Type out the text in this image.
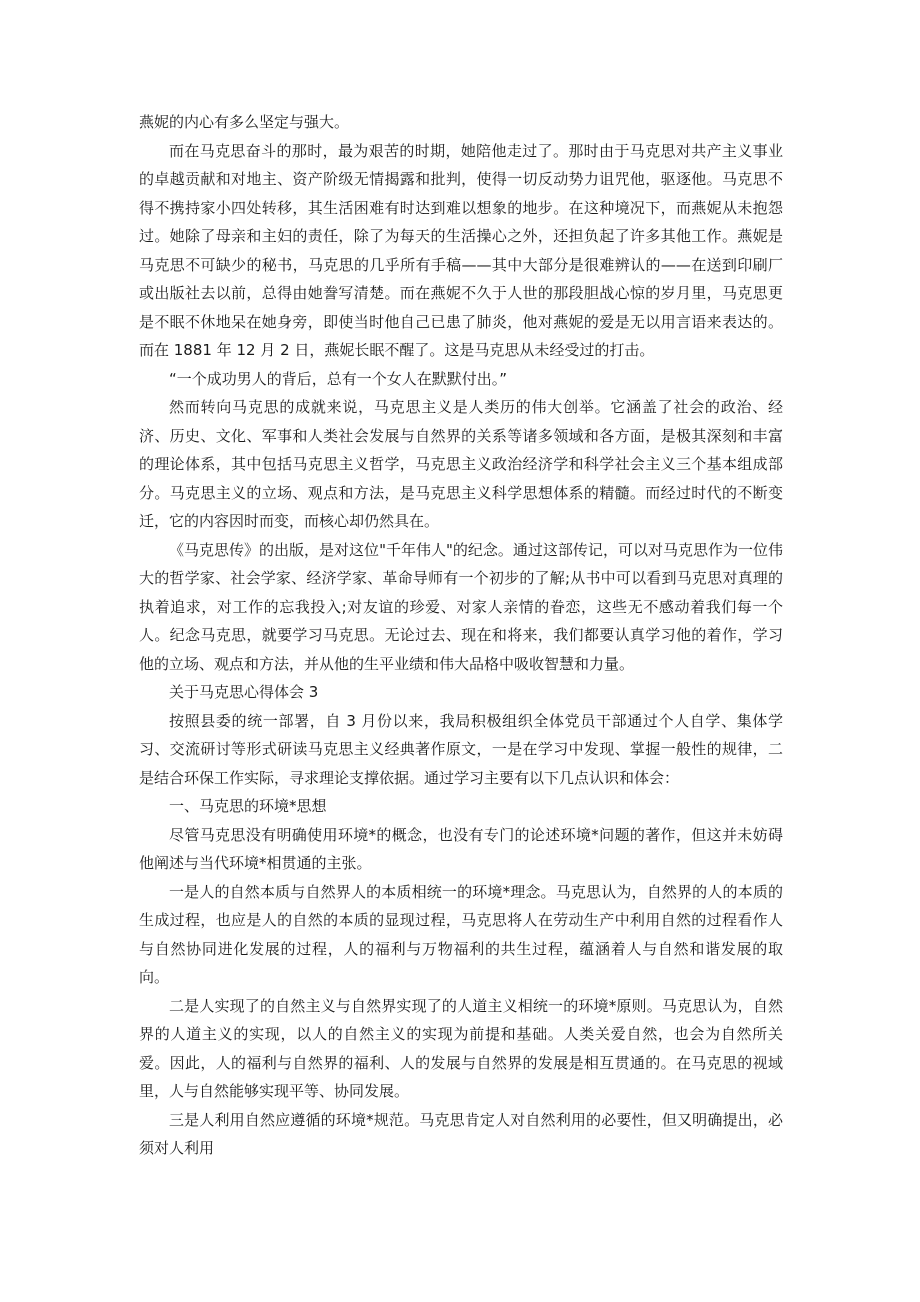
燕妮的内心有多么坚定与强大。

而在马克思奋斗的那时，最为艰苦的时期，她陪他走过了。那时由于马克思对共产主义事业的卓越贡献和对地主、资产阶级无情揭露和批判，使得一切反动势力诅咒他，驱逐他。马克思不得不携持家小四处转移，其生活困难有时达到难以想象的地步。在这种境况下，而燕妮从未抱怨过。她除了母亲和主妇的责任，除了为每天的生活操心之外，还担负起了许多其他工作。燕妮是马克思不可缺少的秘书，马克思的几乎所有手稿——其中大部分是很难辨认的——在送到印刷厂或出版社去以前，总得由她誊写清楚。而在燕妮不久于人世的那段胆战心惊的岁月里，马克思更是不眠不休地呆在她身旁，即使当时他自己已患了肺炎，他对燕妮的爱是无以用言语来表达的。而在 1881 年 12 月 2 日，燕妮长眠不醒了。这是马克思从未经受过的打击。

“一个成功男人的背后，总有一个女人在默默付出。”

然而转向马克思的成就来说，马克思主义是人类历的伟大创举。它涵盖了社会的政治、经济、历史、文化、军事和人类社会发展与自然界的关系等诸多领域和各方面，是极其深刻和丰富的理论体系，其中包括马克思主义哲学，马克思主义政治经济学和科学社会主义三个基本组成部分。马克思主义的立场、观点和方法，是马克思主义科学思想体系的精髓。而经过时代的不断变迁，它的内容因时而变，而核心却仍然具在。

《马克思传》的出版，是对这位"千年伟人"的纪念。通过这部传记，可以对马克思作为一位伟大的哲学家、社会学家、经济学家、革命导师有一个初步的了解;从书中可以看到马克思对真理的执着追求，对工作的忘我投入;对友谊的珍爱、对家人亲情的眷恋，这些无不感动着我们每一个人。纪念马克思，就要学习马克思。无论过去、现在和将来，我们都要认真学习他的着作，学习他的立场、观点和方法，并从他的生平业绩和伟大品格中吸收智慧和力量。

关于马克思心得体会 3

按照县委的统一部署，自 3 月份以来，我局积极组织全体党员干部通过个人自学、集体学习、交流研讨等形式研读马克思主义经典著作原文，一是在学习中发现、掌握一般性的规律，二是结合环保工作实际，寻求理论支撑依据。通过学习主要有以下几点认识和体会：

一、马克思的环境*思想

尽管马克思没有明确使用环境*的概念，也没有专门的论述环境*问题的著作，但这并未妨碍他阐述与当代环境*相贯通的主张。

一是人的自然本质与自然界人的本质相统一的环境*理念。马克思认为，自然界的人的本质的生成过程，也应是人的自然的本质的显现过程，马克思将人在劳动生产中利用自然的过程看作人与自然协同进化发展的过程，人的福利与万物福利的共生过程，蕴涵着人与自然和谐发展的取向。

二是人实现了的自然主义与自然界实现了的人道主义相统一的环境*原则。马克思认为，自然界的人道主义的实现，以人的自然主义的实现为前提和基础。人类关爱自然，也会为自然所关爱。因此，人的福利与自然界的福利、人的发展与自然界的发展是相互贯通的。在马克思的视域里，人与自然能够实现平等、协同发展。

三是人利用自然应遵循的环境*规范。马克思肯定人对自然利用的必要性，但又明确提出，必须对人利用
